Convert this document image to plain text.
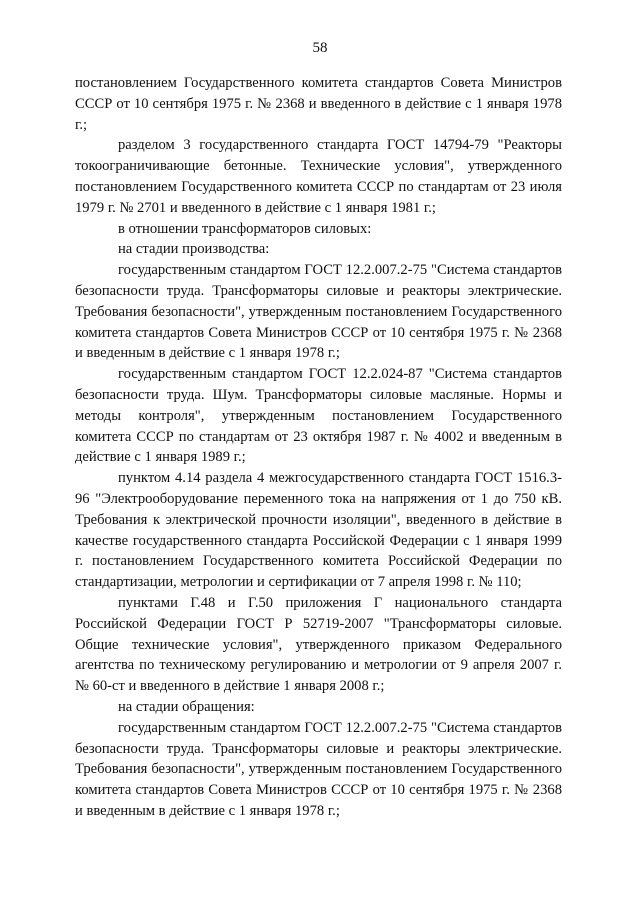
58

постановлением Государственного комитета стандартов Совета Министров СССР от 10 сентября 1975 г. № 2368 и введенного в действие с 1 января 1978 г.;

разделом 3 государственного стандарта ГОСТ 14794-79 "Реакторы токоограничивающие бетонные. Технические условия", утвержденного постановлением Государственного комитета СССР по стандартам от 23 июля 1979 г. № 2701 и введенного в действие с 1 января 1981 г.;

в отношении трансформаторов силовых:

на стадии производства:

государственным стандартом ГОСТ 12.2.007.2-75 "Система стандартов безопасности труда. Трансформаторы силовые и реакторы электрические. Требования безопасности", утвержденным постановлением Государственного комитета стандартов Совета Министров СССР от 10 сентября 1975 г. № 2368 и введенным в действие с 1 января 1978 г.;

государственным стандартом ГОСТ 12.2.024-87 "Система стандартов безопасности труда. Шум. Трансформаторы силовые масляные. Нормы и методы контроля", утвержденным постановлением Государственного комитета СССР по стандартам от 23 октября 1987 г. № 4002 и введенным в действие с 1 января 1989 г.;

пунктом 4.14 раздела 4 межгосударственного стандарта ГОСТ 1516.3-96 "Электрооборудование переменного тока на напряжения от 1 до 750 кВ. Требования к электрической прочности изоляции", введенного в действие в качестве государственного стандарта Российской Федерации с 1 января 1999 г. постановлением Государственного комитета Российской Федерации по стандартизации, метрологии и сертификации от 7 апреля 1998 г. № 110;

пунктами Г.48 и Г.50 приложения Г национального стандарта Российской Федерации ГОСТ Р 52719-2007 "Трансформаторы силовые. Общие технические условия", утвержденного приказом Федерального агентства по техническому регулированию и метрологии от 9 апреля 2007 г. № 60-ст и введенного в действие 1 января 2008 г.;

на стадии обращения:

государственным стандартом ГОСТ 12.2.007.2-75 "Система стандартов безопасности труда. Трансформаторы силовые и реакторы электрические. Требования безопасности", утвержденным постановлением Государственного комитета стандартов Совета Министров СССР от 10 сентября 1975 г. № 2368 и введенным в действие с 1 января 1978 г.;
